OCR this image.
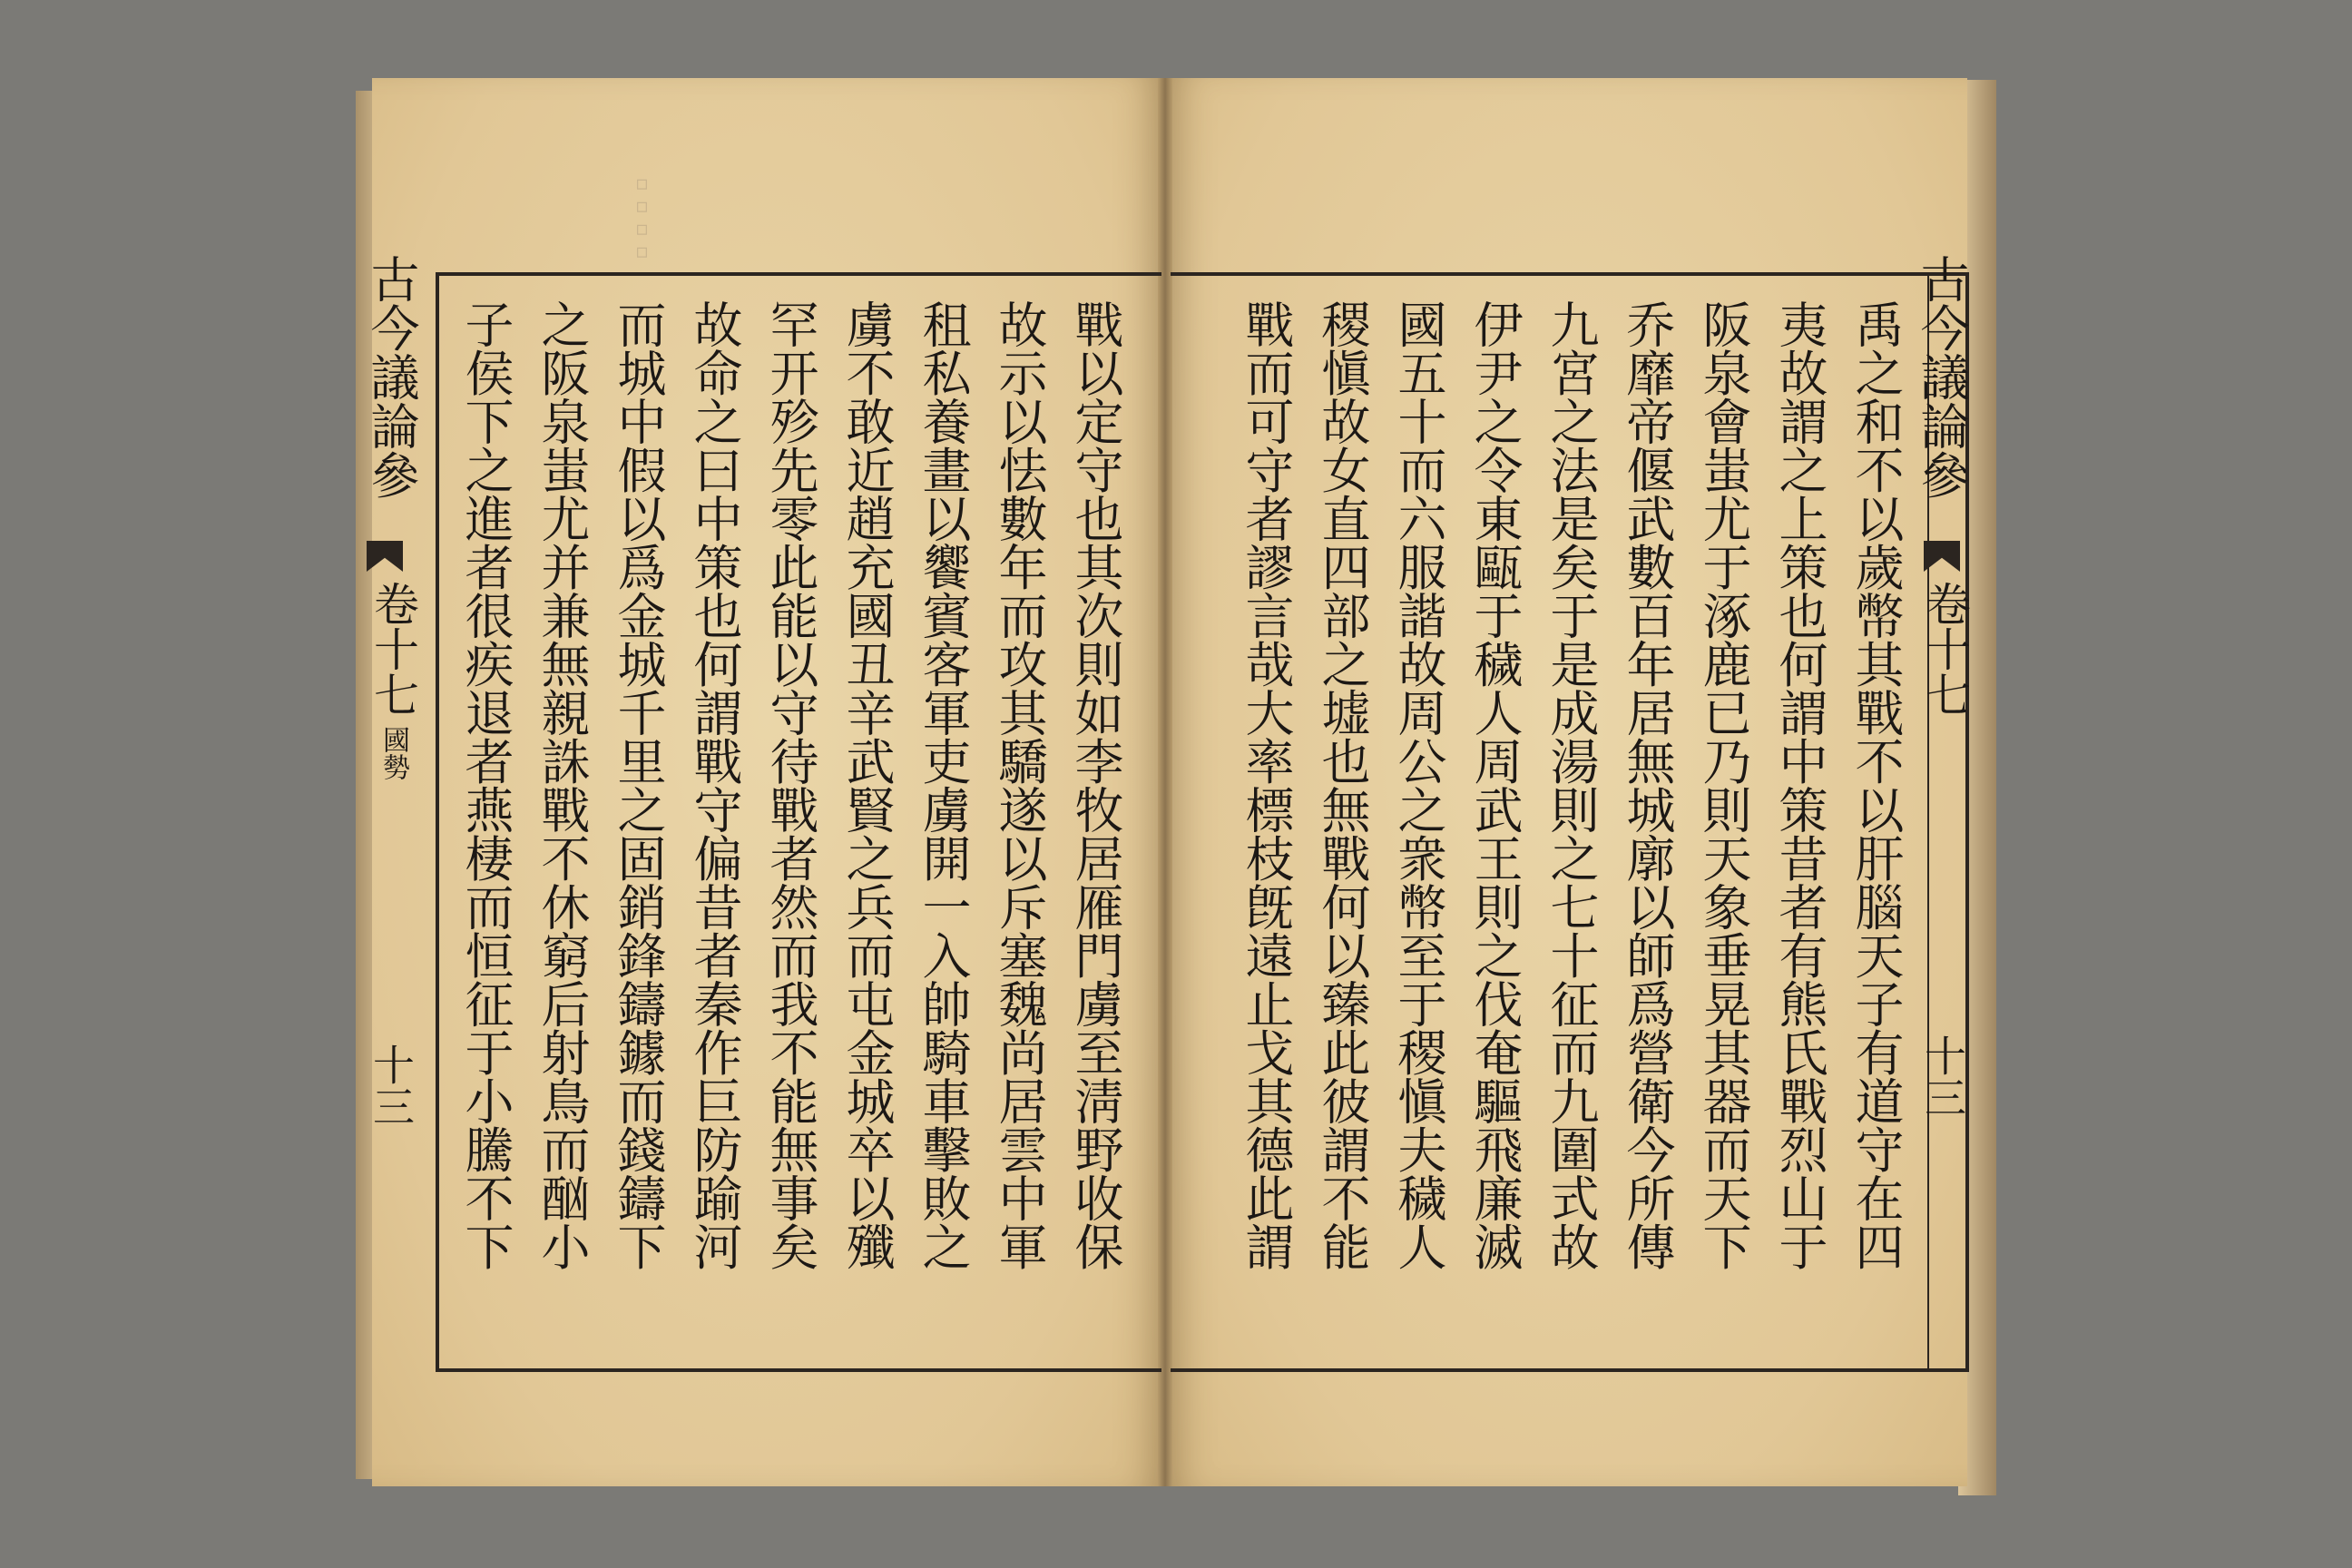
▫▫▫▫
古今議論參
卷十七
國勢
十三
古今議論參
卷十七
十三
戰以定守也其次則如李牧居雁門虜至淸野收保
故示以怯數年而攻其驕遂以斥塞魏尚居雲中軍
租私養畫以饗賓客軍吏虜開一入帥騎車擊敗之
虜不敢近趙充國丑辛武賢之兵而屯金城卒以殲
罕开殄先零此能以守待戰者然而我不能無事矣
故命之曰中策也何謂戰守偏昔者秦作巨防踰河
而城中假以爲金城千里之固銷鋒鑄鐻而錢鑄下
之阪泉蚩尤并兼無親誅戰不休窮后射鳥而酗小
子侯下之進者很疾退者燕棲而恒征于小騰不下	禹之和不以歲幣其戰不以肝腦天子有道守在四
夷故謂之上策也何謂中策昔者有熊氏戰烈山于
阪泉會蚩尤于涿鹿已乃則天象垂晃其器而天下
乔靡帝偃武數百年居無城廓以師爲營衛今所傳
九宮之法是矣于是成湯則之七十征而九圍式故
伊尹之令東甌于穢人周武王則之伐奄驅飛廉滅
國五十而六服諧故周公之衆幣至于稷愼夫穢人
稷愼故女直四部之墟也無戰何以臻此彼謂不能
戰而可守者謬言哉大率標枝旣遠止戈其德此謂
